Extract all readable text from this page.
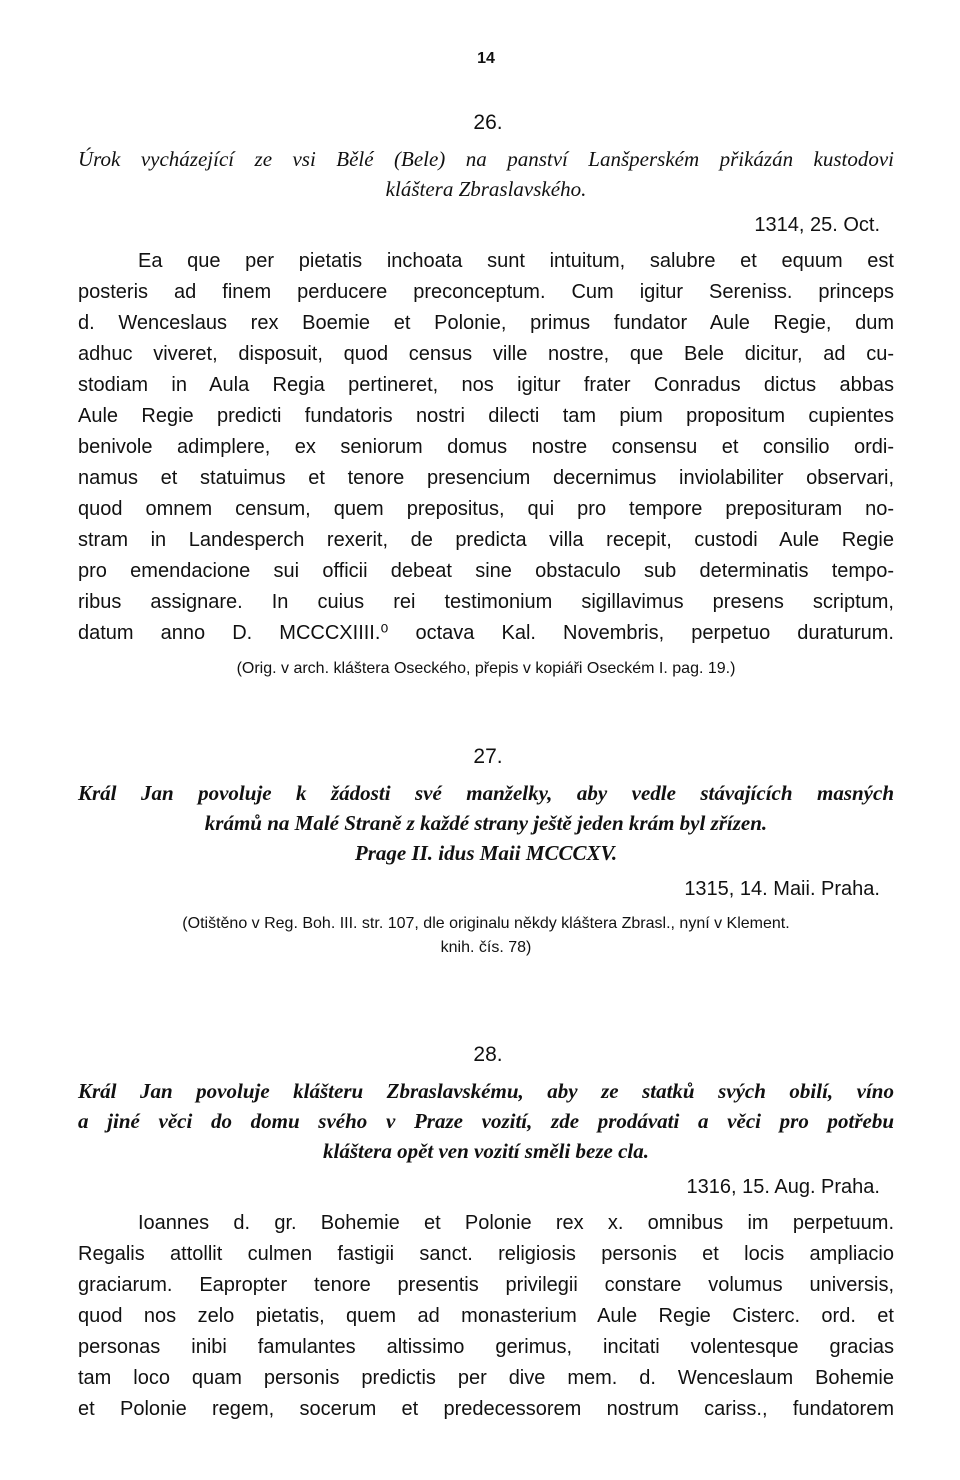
14
26.
Úrok vycházející ze vsi Bělé (Bele) na panství Lanšperském přikázán kustodovi
kláštera Zbraslavského.
1314, 25. Oct.
Ea que per pietatis inchoata sunt intuitum, salubre et equum est
posteris ad finem perducere preconceptum. Cum igitur Sereniss. princeps
d. Wenceslaus rex Boemie et Polonie, primus fundator Aule Regie, dum
adhuc viveret, disposuit, quod census ville nostre, que Bele dicitur, ad cu-
stodiam in Aula Regia pertineret, nos igitur frater Conradus dictus abbas
Aule Regie predicti fundatoris nostri dilecti tam pium propositum cupientes
benivole adimplere, ex seniorum domus nostre consensu et consilio ordi-
namus et statuimus et tenore presencium decernimus inviolabiliter observari,
quod omnem censum, quem prepositus, qui pro tempore preposituram no-
stram in Landesperch rexerit, de predicta villa recepit, custodi Aule Regie
pro emendacione sui officii debeat sine obstaculo sub determinatis tempo-
ribus assignare. In cuius rei testimonium sigillavimus presens scriptum,
datum anno D. MCCCXIIII.⁰ octava Kal. Novembris, perpetuo duraturum.
(Orig. v arch. kláštera Oseckého, přepis v kopiáři Oseckém I. pag. 19.)
27.
Král Jan povoluje k žádosti své manželky, aby vedle stávajících masných
krámů na Malé Straně z každé strany ještě jeden krám byl zřízen.
Prage II. idus Maii MCCCXV.
1315, 14. Maii. Praha.
(Otištěno v Reg. Boh. III. str. 107, dle originalu někdy kláštera Zbrasl., nyní v Klement.
knih. čís. 78)
28.
Král Jan povoluje klášteru Zbraslavskému, aby ze statků svých obilí, víno
a jiné věci do domu svého v Praze vozití, zde prodávati a věci pro potřebu
kláštera opět ven vozití směli beze cla.
1316, 15. Aug. Praha.
Ioannes d. gr. Bohemie et Polonie rex x. omnibus im perpetuum.
Regalis attollit culmen fastigii sanct. religiosis personis et locis ampliacio
graciarum. Eapropter tenore presentis privilegii constare volumus universis,
quod nos zelo pietatis, quem ad monasterium Aule Regie Cisterc. ord. et
personas inibi famulantes altissimo gerimus, incitati volentesque gracias
tam loco quam personis predictis per dive mem. d. Wenceslaum Bohemie
et Polonie regem, socerum et predecessorem nostrum cariss., fundatorem
